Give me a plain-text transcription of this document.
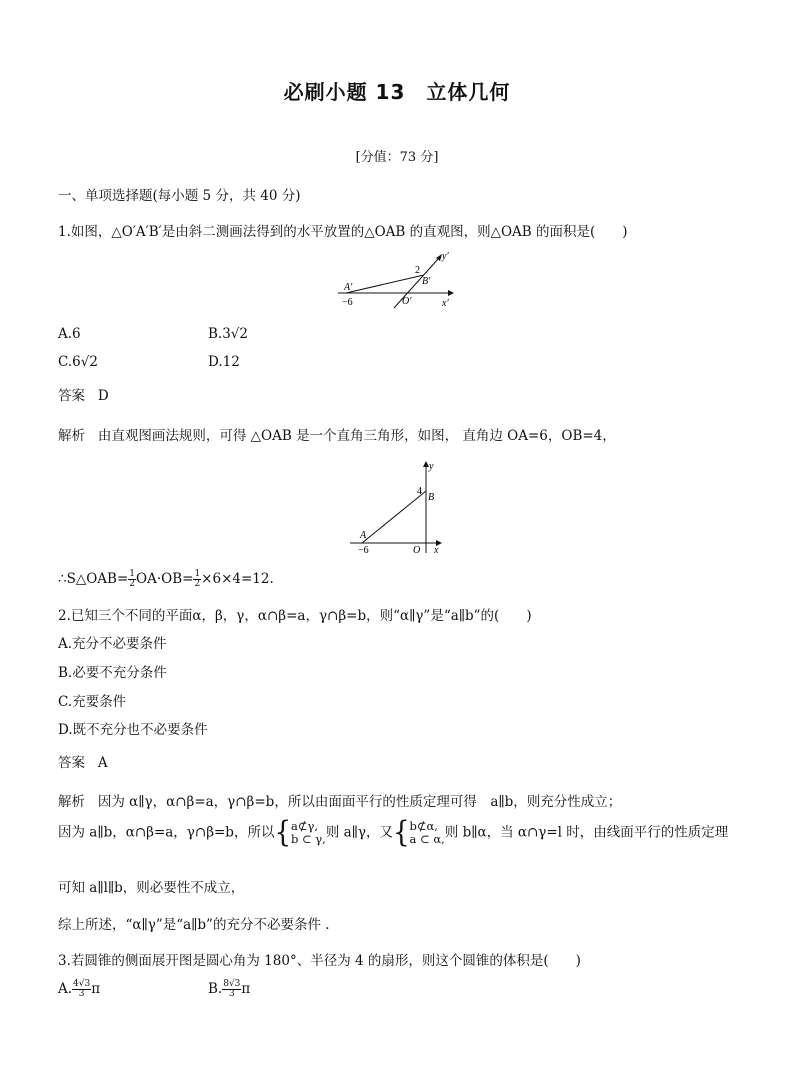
必刷小题 13　立体几何
[分值：73 分]
一、单项选择题(每小题 5 分，共 40 分)
1.如图，△O′A′B′是由斜二测画法得到的水平放置的△OAB 的直观图，则△OAB 的面积是(　　)
A′
−6
2
B′
O′	x′
y′
A.6	B.3√2
C.6√2	D.12
答案 D
解析 由直观图画法规则，可得 △OAB 是一个直角三角形，如图， 直角边 OA=6，OB=4，
y
4
B
A
−6	O x
∴S△OAB= $\frac{1}{2} OA\cdot OB= \frac{1}{2} \times 6\times 4=12$.
2.已知三个不同的平面α，β，γ，α∩β=a，γ∩β=b，则“α∥γ”是“a∥b”的(　　)
A.充分不必要条件
B.必要不充分条件
C.充要条件
D.既不充分也不必要条件
答案 A
解析 因为 α∥γ，α∩β=a，γ∩β=b，所以由面面平行的性质定理可得　a∥b，则充分性成立；
因为 a∥b，α∩β=a，γ∩β=b，所以{ a⊄γ,
b ⊂ γ, 则 a∥γ，又{ b⊄α,
a ⊂ α, 则 b∥α，当 α∩γ=l 时，由线面平行的性质定理
可知 a∥l∥b，则必要性不成立，
综上所述，“α∥γ”是“a∥b”的充分不必要条件 .
3.若圆锥的侧面展开图是圆心角为 180°、半径为 4 的扇形，则这个圆锥的体积是(　　)
A. $\frac{4√3}{3}$ π	B. $\frac{8√3}{3}$ π
